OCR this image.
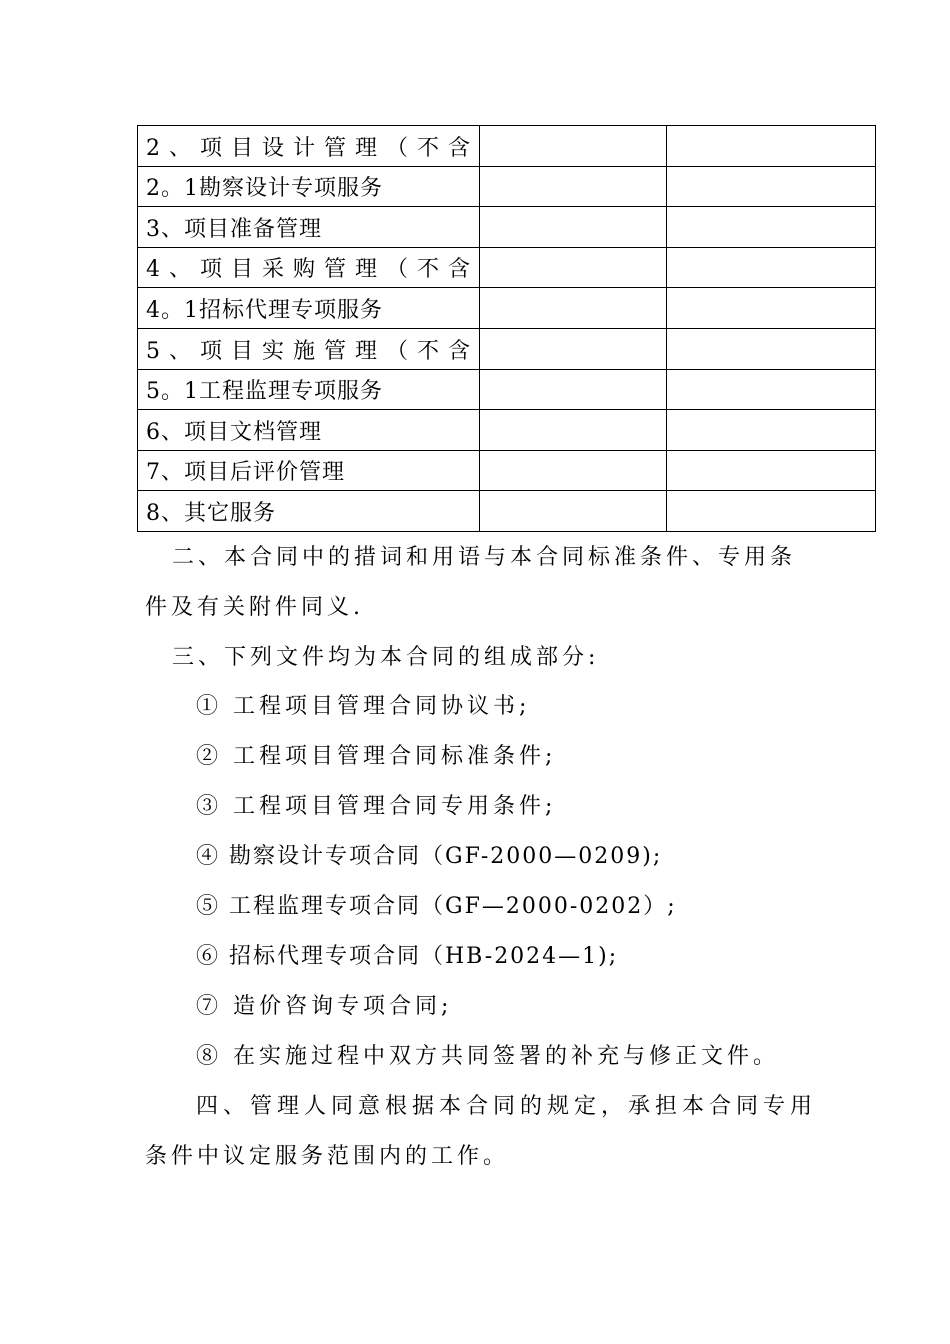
2、项目设计管理（不含		
2。1勘察设计专项服务		
3、项目准备管理		
4、项目采购管理（不含		
4。1招标代理专项服务		
5、项目实施管理（不含		
5。1工程监理专项服务		
6、项目文档管理		
7、项目后评价管理		
8、其它服务		
二、本合同中的措词和用语与本合同标准条件、专用条
件及有关附件同义.
三、下列文件均为本合同的组成部分:
① 工程项目管理合同协议书;
② 工程项目管理合同标准条件;
③ 工程项目管理合同专用条件;
④ 勘察设计专项合同（GF-2000—0209);
⑤ 工程监理专项合同（GF—2000-0202）;
⑥ 招标代理专项合同（HB-2024—1);
⑦ 造价咨询专项合同;
⑧ 在实施过程中双方共同签署的补充与修正文件。
四、管理人同意根据本合同的规定，承担本合同专用
条件中议定服务范围内的工作。
